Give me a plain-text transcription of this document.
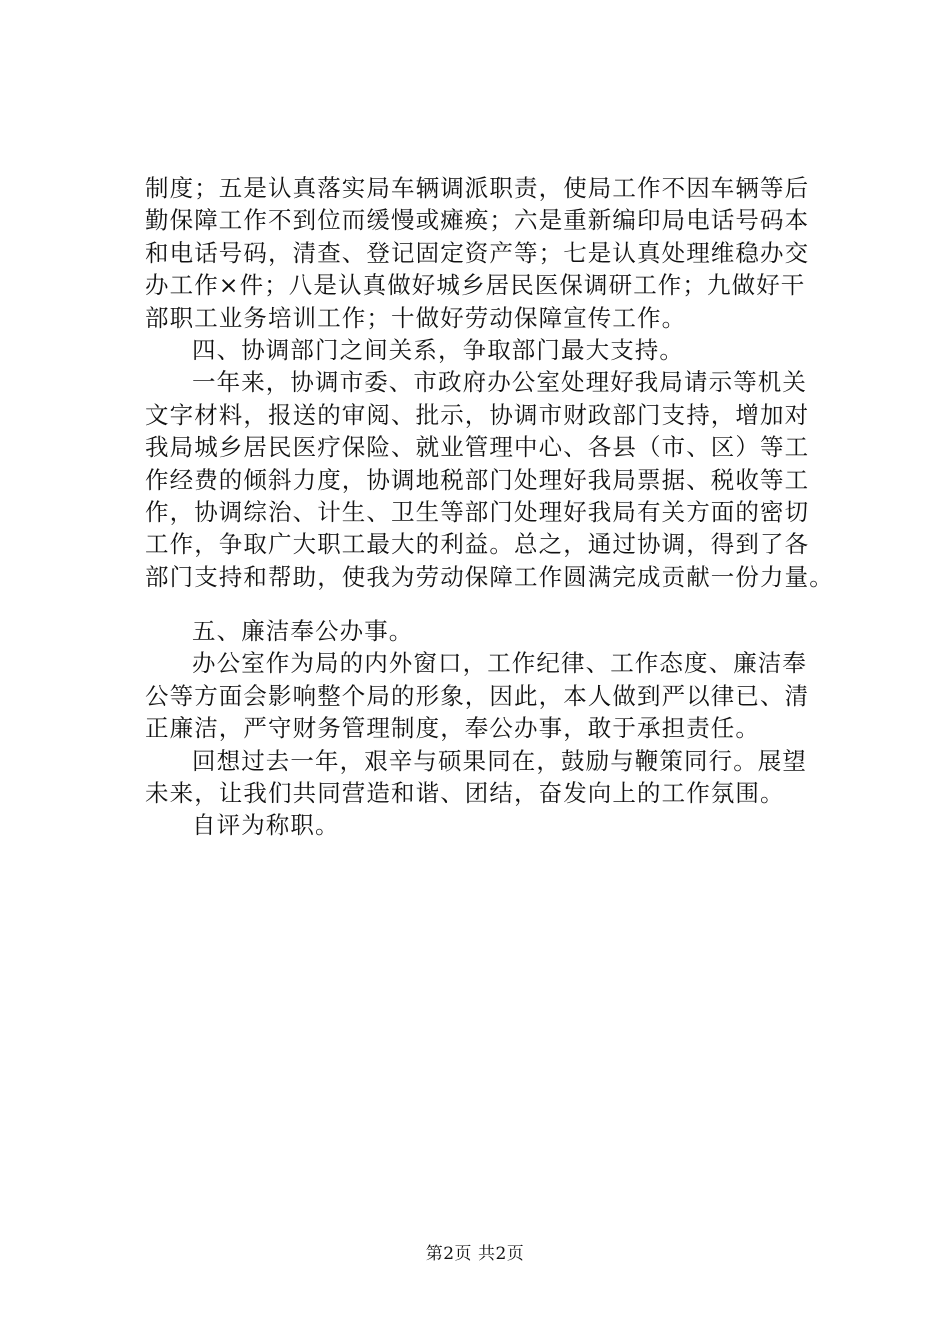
制度；五是认真落实局车辆调派职责，使局工作不因车辆等后
勤保障工作不到位而缓慢或瘫痪；六是重新编印局电话号码本
和电话号码，清查、登记固定资产等；七是认真处理维稳办交
办工作×件；八是认真做好城乡居民医保调研工作；九做好干
部职工业务培训工作；十做好劳动保障宣传工作。
四、协调部门之间关系，争取部门最大支持。
一年来，协调市委、市政府办公室处理好我局请示等机关
文字材料，报送的审阅、批示，协调市财政部门支持，增加对
我局城乡居民医疗保险、就业管理中心、各县（市、区）等工
作经费的倾斜力度，协调地税部门处理好我局票据、税收等工
作，协调综治、计生、卫生等部门处理好我局有关方面的密切
工作，争取广大职工最大的利益。总之，通过协调，得到了各
部门支持和帮助，使我为劳动保障工作圆满完成贡献一份力量。
五、廉洁奉公办事。
办公室作为局的内外窗口，工作纪律、工作态度、廉洁奉
公等方面会影响整个局的形象，因此，本人做到严以律已、清
正廉洁，严守财务管理制度，奉公办事，敢于承担责任。
回想过去一年，艰辛与硕果同在，鼓励与鞭策同行。展望
未来，让我们共同营造和谐、团结，奋发向上的工作氛围。
自评为称职。
第2页 共2页
